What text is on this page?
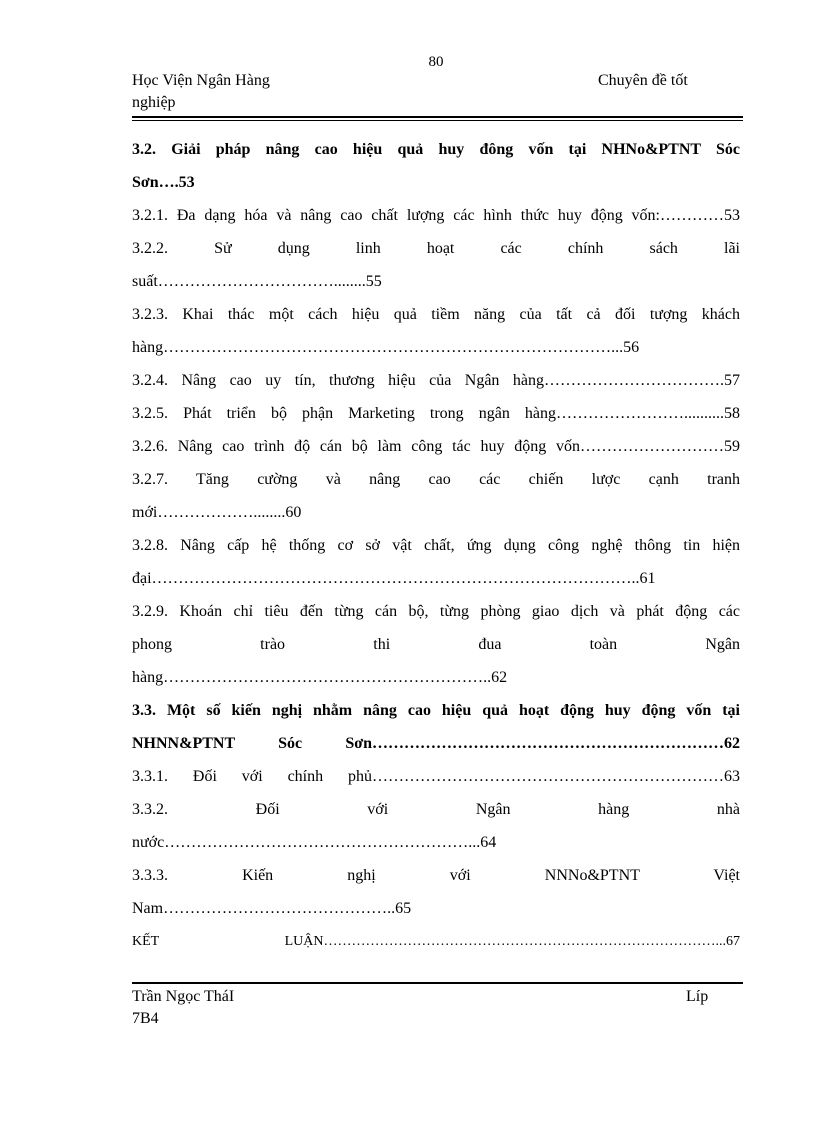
80
Học Viện Ngân Hàng	Chuyên đề tốt
nghiệp
3.2. Giải pháp nâng cao hiệu quả huy đông vốn tại NHNo&PTNT Sóc
Sơn….53
3.2.1. Đa dạng hóa và nâng cao chất lượng các hình thức huy động vốn:…………53
3.2.2. Sử dụng linh hoạt các chính sách lãi
suất……………………………........55
3.2.3. Khai thác một cách hiệu quả tiềm năng của tất cả đối tượng khách
hàng…………………………………………………………………………...56
3.2.4. Nâng cao uy tín, thương hiệu của Ngân hàng…………………………….57
3.2.5. Phát triển bộ phận Marketing trong ngân hàng……………………..........58
3.2.6. Nâng cao trình độ cán bộ làm công tác huy động vốn………………………59
3.2.7. Tăng cường và nâng cao các chiến lược cạnh tranh
mới………………........60
3.2.8. Nâng cấp hệ thống cơ sở vật chất, ứng dụng công nghệ thông tin hiện
đại………………………………………………………………………………..61
3.2.9. Khoán chỉ tiêu đến từng cán bộ, từng phòng giao dịch và phát động các
phong trào thi đua toàn Ngân
hàng……………………………………………………..62
3.3. Một số kiến nghị nhằm nâng cao hiệu quả hoạt động huy động vốn tại
NHNN&PTNT Sóc Sơn…………………………………………………………62
3.3.1. Đối với chính phủ…………………………………………………………63
3.3.2. Đối với Ngân hàng nhà
nước…………………………………………………...64
3.3.3. Kiến nghị với NNNo&PTNT Việt
Nam……………………………………..65
KẾT LUẬN…………………………………………………………………………...67
Trần Ngọc TháI	Líp
7B4
